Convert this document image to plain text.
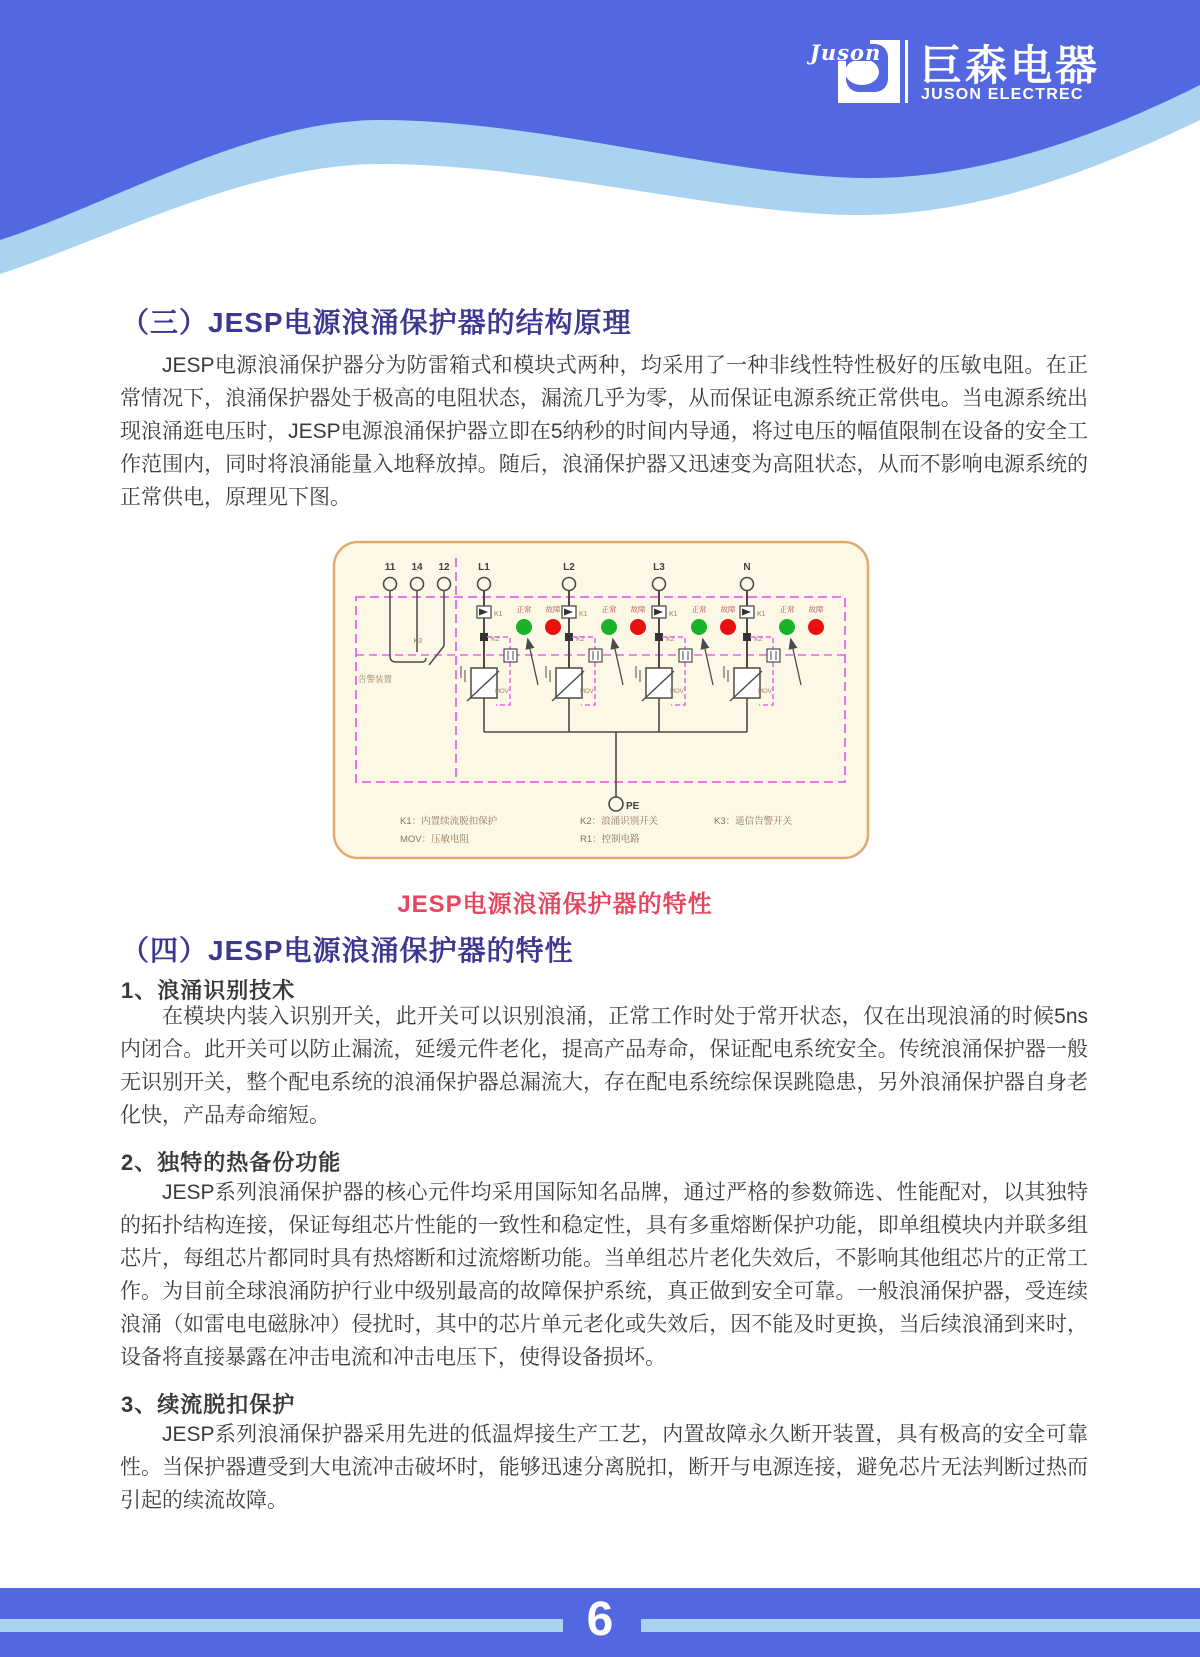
Juson 巨森电器
JUSON ELECTREC
（三）JESP电源浪涌保护器的结构原理

JESP电源浪涌保护器分为防雷箱式和模块式两种，均采用了一种非线性特性极好的压敏电阻。在正常情况下，浪涌保护器处于极高的电阻状态，漏流几乎为零，从而保证电源系统正常供电。当电源系统出现浪涌逛电压时，JESP电源浪涌保护器立即在5纳秒的时间内导通，将过电压的幅值限制在设备的安全工作范围内，同时将浪涌能量入地释放掉。随后，浪涌保护器又迅速变为高阻状态，从而不影响电源系统的正常供电，原理见下图。

11 14 12	L1	L2	L3	N
K3
告警装置
K1
K2
正常 故障
MOV
K1
K2
正常 故障
MOV
K1
K2
正常 故障
MOV
K1
K2
正常 故障
MOV
PE
K1：内置续流脱扣保护	K2：浪涌识别开关	K3：遥信告警开关
MOV：压敏电阻	R1：控制电路
JESP电源浪涌保护器的特性
（四）JESP电源浪涌保护器的特性
1、浪涌识别技术

在模块内装入识别开关，此开关可以识别浪涌，正常工作时处于常开状态，仅在出现浪涌的时候5ns内闭合。此开关可以防止漏流，延缓元件老化，提高产品寿命，保证配电系统安全。传统浪涌保护器一般无识别开关，整个配电系统的浪涌保护器总漏流大，存在配电系统综保误跳隐患，另外浪涌保护器自身老化快，产品寿命缩短。

2、独特的热备份功能

JESP系列浪涌保护器的核心元件均采用国际知名品牌，通过严格的参数筛选、性能配对，以其独特的拓扑结构连接，保证每组芯片性能的一致性和稳定性，具有多重熔断保护功能，即单组模块内并联多组芯片，每组芯片都同时具有热熔断和过流熔断功能。当单组芯片老化失效后，不影响其他组芯片的正常工作。为目前全球浪涌防护行业中级别最高的故障保护系统，真正做到安全可靠。一般浪涌保护器，受连续浪涌（如雷电电磁脉冲）侵扰时，其中的芯片单元老化或失效后，因不能及时更换，当后续浪涌到来时，设备将直接暴露在冲击电流和冲击电压下，使得设备损坏。

3、续流脱扣保护

JESP系列浪涌保护器采用先进的低温焊接生产工艺，内置故障永久断开装置，具有极高的安全可靠性。当保护器遭受到大电流冲击破坏时，能够迅速分离脱扣，断开与电源连接，避免芯片无法判断过热而引起的续流故障。

6
